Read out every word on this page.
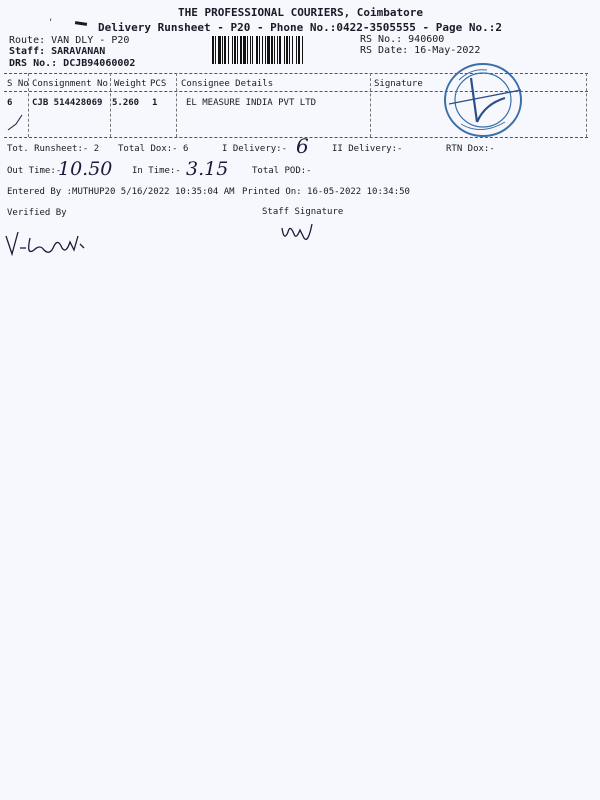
THE PROFESSIONAL COURIERS, Coimbatore
'	Delivery Runsheet - P20 - Phone No.:0422-3505555 - Page No.:2
Route: VAN DLY - P20
Staff: SARAVANAN
DRS No.: DCJB94060002
RS No.: 940600
RS Date: 16-May-2022
S No Consignment No Weight PCS Consignee Details	Signature
6 CJB 514428069 5.260 1	EL MEASURE INDIA PVT LTD
Tot. Runsheet:- 2 Total Dox:- 6	I Delivery:- 6	II Delivery:-	RTN Dox:-
Out Time:-
10.50 In Time:- 3.15	Total POD:-
Entered By :MUTHUP20 5/16/2022 10:35:04 AM Printed On: 16-05-2022 10:34:50
Verified By	Staff Signature
